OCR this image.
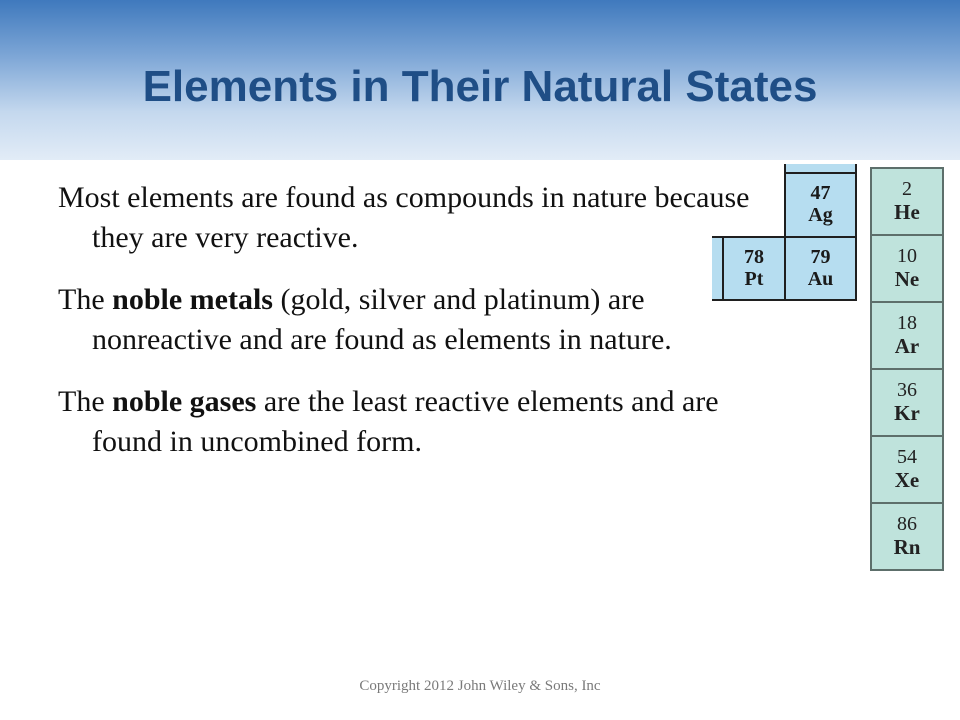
Elements in Their Natural States

Most elements are found as compounds in nature because they are very reactive.

The noble metals (gold, silver and platinum) are nonreactive and are found as elements in nature.

The noble gases are the least reactive elements and are found in uncombined form.

47
Ag
78
Pt
79
Au
2
He
10
Ne
18
Ar
36
Kr
54
Xe
86
Rn
Copyright 2012 John Wiley & Sons, Inc
